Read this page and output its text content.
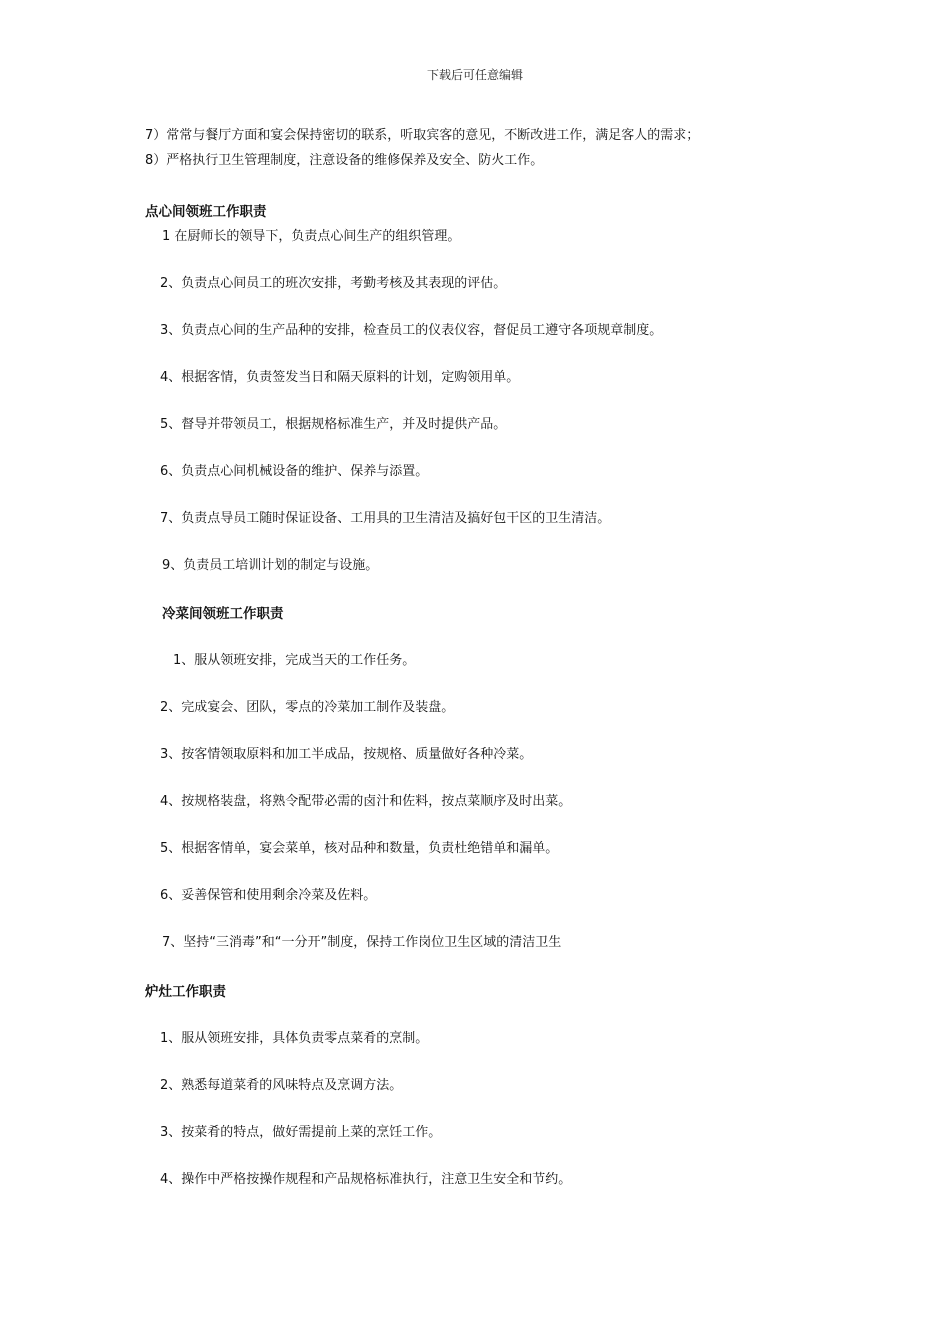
下载后可任意编辑
7）常常与餐厅方面和宴会保持密切的联系，听取宾客的意见，不断改进工作，满足客人的需求；
8）严格执行卫生管理制度，注意设备的维修保养及安全、防火工作。
点心间领班工作职责
1 在厨师长的领导下，负责点心间生产的组织管理。
2、负责点心间员工的班次安排，考勤考核及其表现的评估。
3、负责点心间的生产品种的安排，检查员工的仪表仪容，督促员工遵守各项规章制度。
4、根据客情，负责签发当日和隔天原料的计划，定购领用单。
5、督导并带领员工，根据规格标准生产，并及时提供产品。
6、负责点心间机械设备的维护、保养与添置。
7、负责点导员工随时保证设备、工用具的卫生清洁及搞好包干区的卫生清洁。
9、负责员工培训计划的制定与设施。
冷菜间领班工作职责
1、服从领班安排，完成当天的工作任务。
2、完成宴会、团队，零点的冷菜加工制作及装盘。
3、按客情领取原料和加工半成品，按规格、质量做好各种冷菜。
4、按规格装盘，将熟令配带必需的卤汁和佐料，按点菜顺序及时出菜。
5、根据客情单，宴会菜单，核对品种和数量，负责杜绝错单和漏单。
6、妥善保管和使用剩余冷菜及佐料。
7、坚持“三消毒”和“一分开”制度，保持工作岗位卫生区域的清洁卫生
炉灶工作职责
1、服从领班安排，具体负责零点菜肴的烹制。
2、熟悉每道菜肴的风味特点及烹调方法。
3、按菜肴的特点，做好需提前上菜的烹饪工作。
4、操作中严格按操作规程和产品规格标准执行，注意卫生安全和节约。
